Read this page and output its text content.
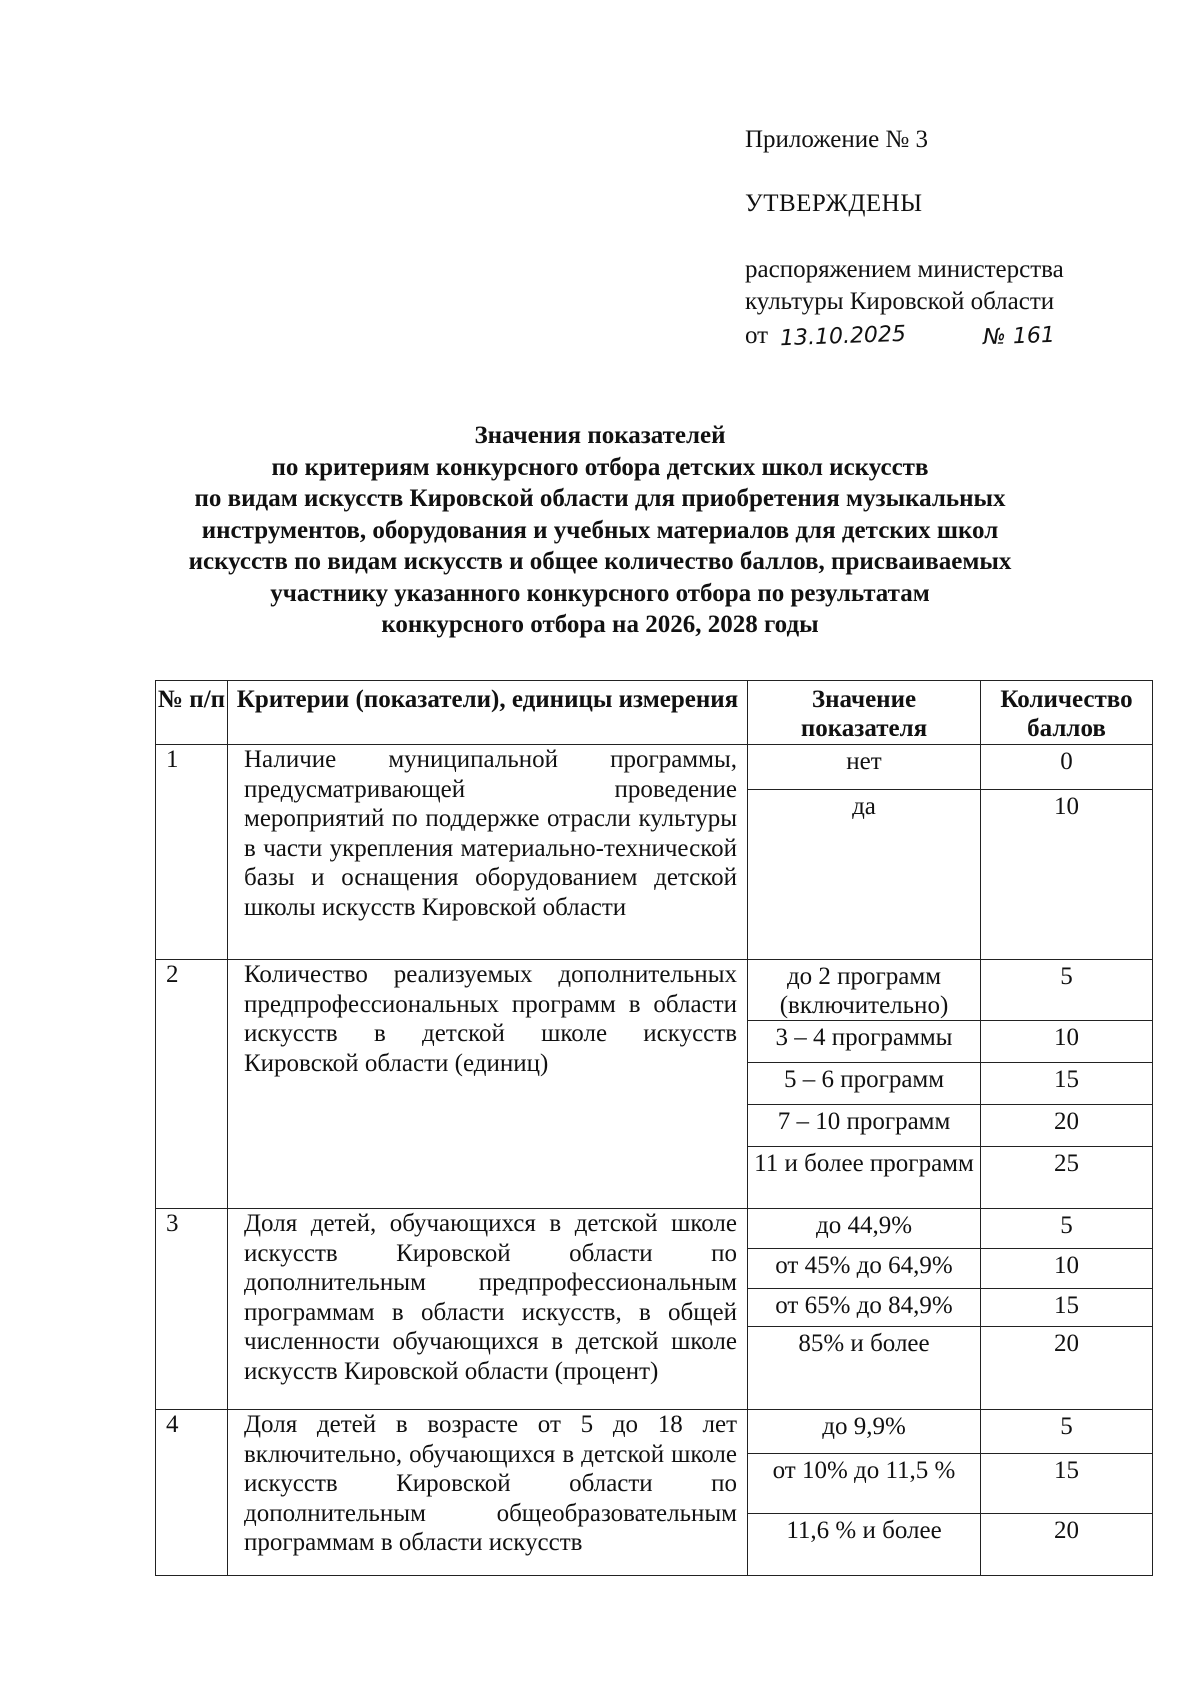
Приложение № 3
УТВЕРЖДЕНЫ
распоряжением министерства
культуры Кировской области
от 13.10.2025	№ 161
Значения показателей
по критериям конкурсного отбора детских школ искусств
по видам искусств Кировской области для приобретения музыкальных
инструментов, оборудования и учебных материалов для детских школ
искусств по видам искусств и общее количество баллов, присваиваемых
участнику указанного конкурсного отбора по результатам
конкурсного отбора на 2026, 2028 годы
№ п/п	Критерии (показатели), единицы измерения	Значение показателя	Количество баллов
1	Наличие муниципальной программы, предусматривающей проведение мероприятий по поддержке отрасли культуры в части укрепления материально-технической базы и оснащения оборудованием детской школы искусств Кировской области	нет	0
		да	10
2	Количество реализуемых дополнительных предпрофессиональных программ в области искусств в детской школе искусств Кировской области (единиц)	до 2 программ (включительно)	5
		3 – 4 программы	10
		5 – 6 программ	15
		7 – 10 программ	20
		11 и более программ	25
3	Доля детей, обучающихся в детской школе искусств Кировской области по дополнительным предпрофессиональным программам в области искусств, в общей численности обучающихся в детской школе искусств Кировской области (процент)	до 44,9%	5
		от 45% до 64,9%	10
		от 65% до 84,9%	15
		85% и более	20
4	Доля детей в возрасте от 5 до 18 лет включительно, обучающихся в детской школе искусств Кировской области по дополнительным общеобразовательным программам в области искусств	до 9,9%	5
		от 10% до 11,5 %	15
		11,6 % и более	20
